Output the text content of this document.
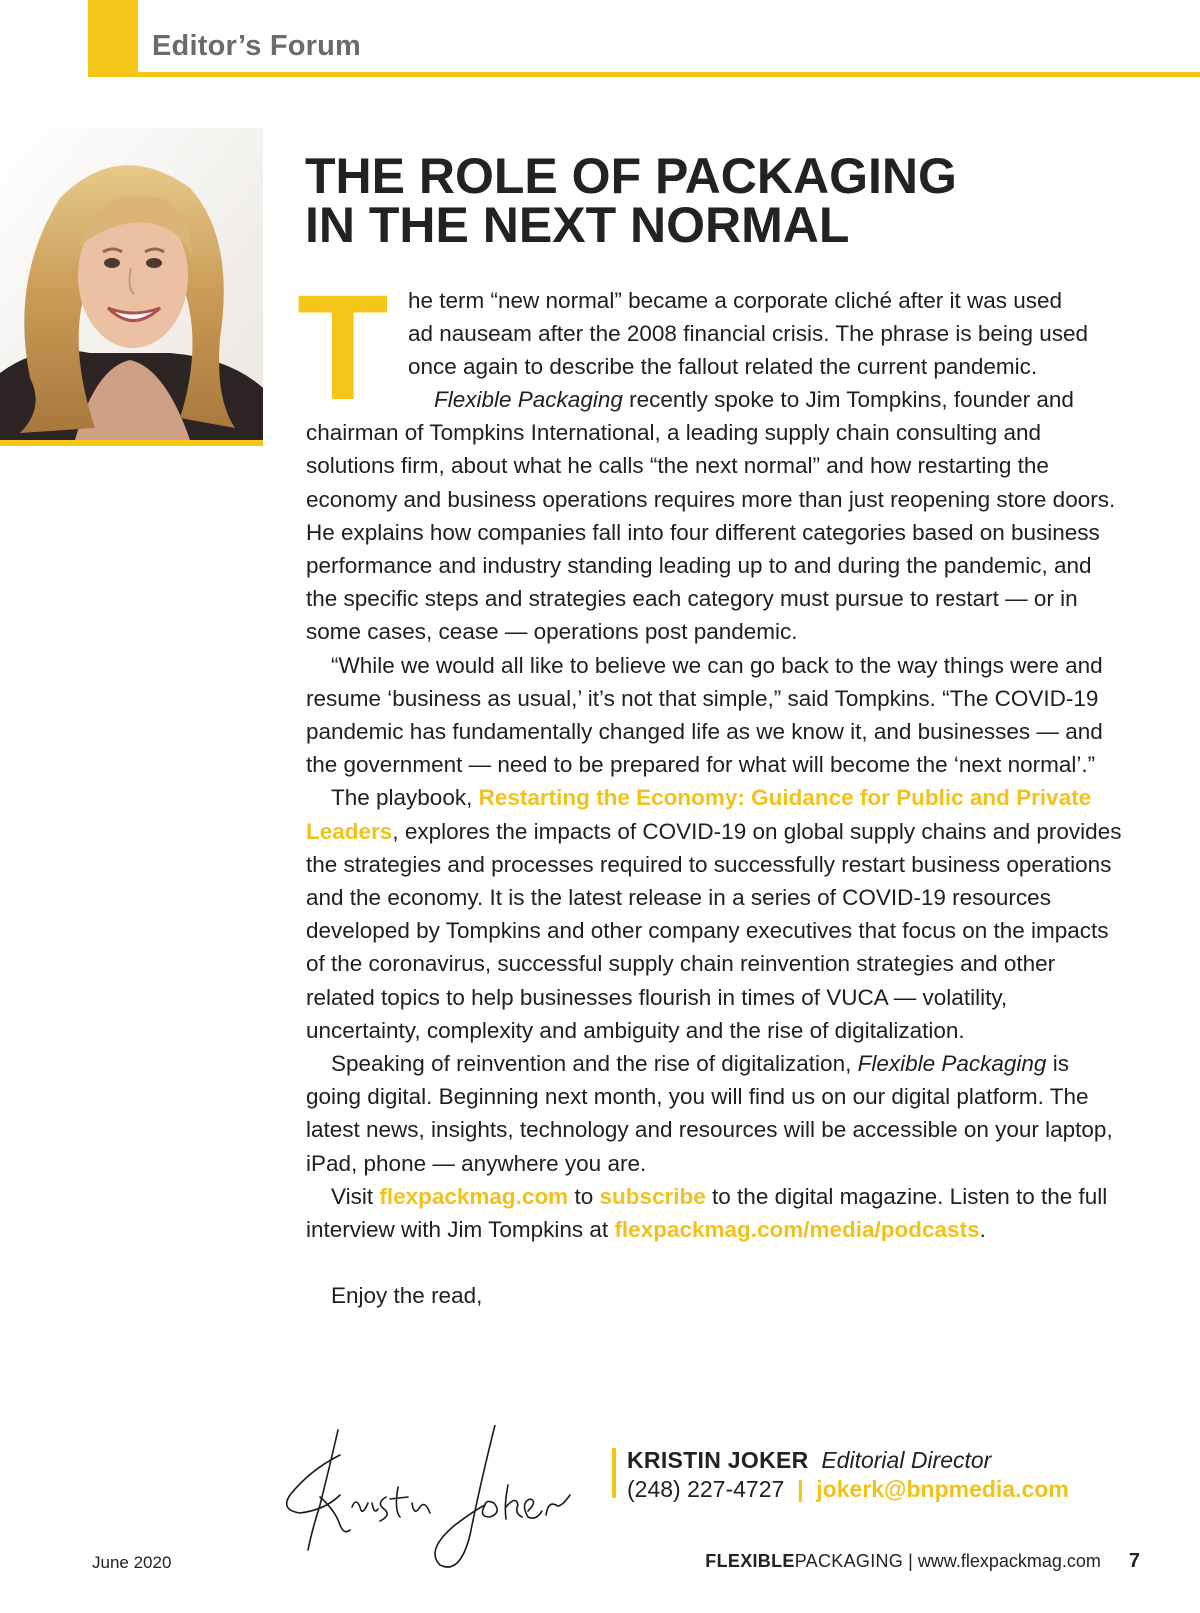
Editor’s Forum
THE ROLE OF PACKAGING
IN THE NEXT NORMAL
T he term “new normal” became a corporate cliché after it was used

ad nauseam after the 2008 financial crisis. The phrase is being used

once again to describe the fallout related the current pandemic.

Flexible Packaging recently spoke to Jim Tompkins, founder and chairman of Tompkins International, a leading supply chain consulting and solutions firm, about what he calls “the next normal” and how restarting the economy and business operations requires more than just reopening store doors. He explains how companies fall into four different categories based on business performance and industry standing leading up to and during the pandemic, and the specific steps and strategies each category must pursue to restart — or in some cases, cease — operations post pandemic.

“While we would all like to believe we can go back to the way things were and resume ‘business as usual,’ it’s not that simple,” said Tompkins. “The COVID-19 pandemic has fundamentally changed life as we know it, and businesses — and the government — need to be prepared for what will become the ‘next normal’.”

The playbook, Restarting the Economy: Guidance for Public and Private Leaders, explores the impacts of COVID-19 on global supply chains and provides the strategies and processes required to successfully restart business operations and the economy. It is the latest release in a series of COVID-19 resources developed by Tompkins and other company executives that focus on the impacts of the coronavirus, successful supply chain reinvention strategies and other related topics to help businesses flourish in times of VUCA — volatility, uncertainty, complexity and ambiguity and the rise of digitalization.

Speaking of reinvention and the rise of digitalization, Flexible Packaging is going digital. Beginning next month, you will find us on our digital platform. The latest news, insights, technology and resources will be accessible on your laptop, iPad, phone — anywhere you are.

Visit flexpackmag.com to subscribe to the digital magazine. Listen to the full interview with Jim Tompkins at flexpackmag.com/media/podcasts.

Enjoy the read,

KRISTIN JOKER Editorial Director
(248) 227-4727 | jokerk@bnpmedia.com
June 2020	FLEXIBLEPACKAGING | www.flexpackmag.com 7
